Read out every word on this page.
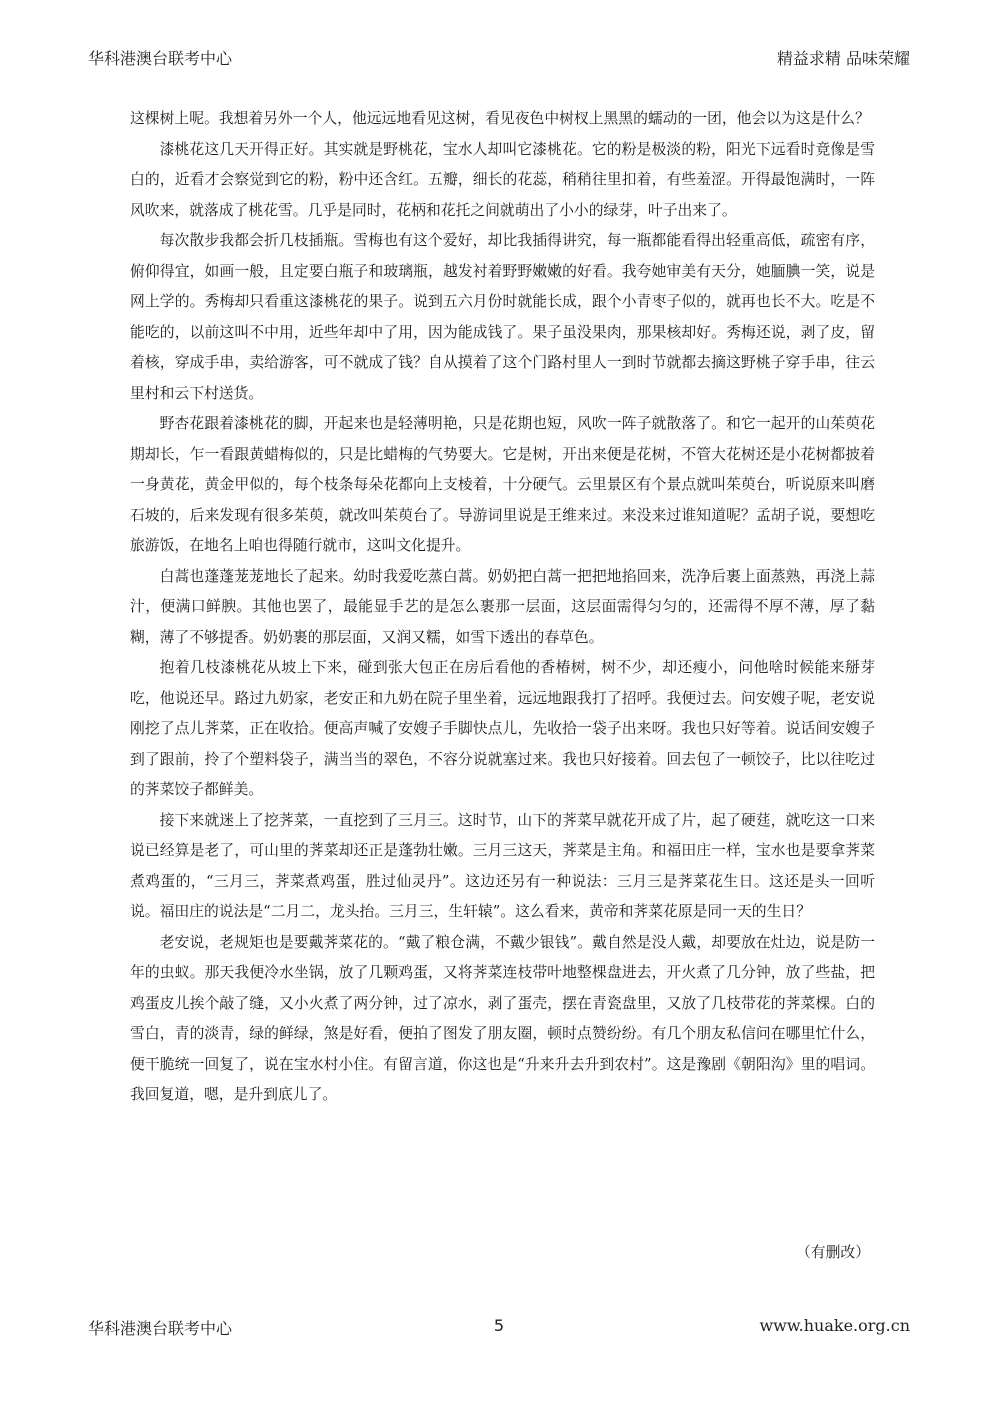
华科港澳台联考中心	精益求精 品味荣耀

这棵树上呢。我想着另外一个人，他远远地看见这树，看见夜色中树杈上黑黑的蠕动的一团，他会以为这是什么？

漆桃花这几天开得正好。其实就是野桃花，宝水人却叫它漆桃花。它的粉是极淡的粉，阳光下远看时竟像是雪白的，近看才会察觉到它的粉，粉中还含红。五瓣，细长的花蕊，稍稍往里扣着，有些羞涩。开得最饱满时，一阵风吹来，就落成了桃花雪。几乎是同时，花柄和花托之间就萌出了小小的绿芽，叶子出来了。

每次散步我都会折几枝插瓶。雪梅也有这个爱好，却比我插得讲究，每一瓶都能看得出轻重高低，疏密有序，俯仰得宜，如画一般，且定要白瓶子和玻璃瓶，越发衬着野野嫩嫩的好看。我夸她审美有天分，她腼腆一笑，说是网上学的。秀梅却只看重这漆桃花的果子。说到五六月份时就能长成，跟个小青枣子似的，就再也长不大。吃是不能吃的，以前这叫不中用，近些年却中了用，因为能成钱了。果子虽没果肉，那果核却好。秀梅还说，剥了皮，留着核，穿成手串，卖给游客，可不就成了钱？自从摸着了这个门路村里人一到时节就都去摘这野桃子穿手串，往云里村和云下村送货。

野杏花跟着漆桃花的脚，开起来也是轻薄明艳，只是花期也短，风吹一阵子就散落了。和它一起开的山茱萸花期却长，乍一看跟黄蜡梅似的，只是比蜡梅的气势要大。它是树，开出来便是花树，不管大花树还是小花树都披着一身黄花，黄金甲似的，每个枝条每朵花都向上支棱着，十分硬气。云里景区有个景点就叫茱萸台，听说原来叫磨石坡的，后来发现有很多茱萸，就改叫茱萸台了。导游词里说是王维来过。来没来过谁知道呢？孟胡子说，要想吃旅游饭，在地名上咱也得随行就市，这叫文化提升。

白蒿也蓬蓬茏茏地长了起来。幼时我爱吃蒸白蒿。奶奶把白蒿一把把地掐回来，洗净后裹上面蒸熟，再浇上蒜汁，便满口鲜腴。其他也罢了，最能显手艺的是怎么裹那一层面，这层面需得匀匀的，还需得不厚不薄，厚了黏糊，薄了不够提香。奶奶裹的那层面，又润又糯，如雪下透出的春草色。

抱着几枝漆桃花从坡上下来，碰到张大包正在房后看他的香椿树，树不少，却还瘦小，问他啥时候能来掰芽吃，他说还早。路过九奶家，老安正和九奶在院子里坐着，远远地跟我打了招呼。我便过去。问安嫂子呢，老安说刚挖了点儿荠菜，正在收拾。便高声喊了安嫂子手脚快点儿，先收拾一袋子出来呀。我也只好等着。说话间安嫂子到了跟前，拎了个塑料袋子，满当当的翠色，不容分说就塞过来。我也只好接着。回去包了一顿饺子，比以往吃过的荠菜饺子都鲜美。

接下来就迷上了挖荠菜，一直挖到了三月三。这时节，山下的荠菜早就花开成了片，起了硬莛，就吃这一口来说已经算是老了，可山里的荠菜却还正是蓬勃壮嫩。三月三这天，荠菜是主角。和福田庄一样，宝水也是要拿荠菜煮鸡蛋的，“三月三，荠菜煮鸡蛋，胜过仙灵丹”。这边还另有一种说法：三月三是荠菜花生日。这还是头一回听说。福田庄的说法是“二月二，龙头抬。三月三，生轩辕”。这么看来，黄帝和荠菜花原是同一天的生日？

老安说，老规矩也是要戴荠菜花的。“戴了粮仓满，不戴少银钱”。戴自然是没人戴，却要放在灶边，说是防一年的虫蚁。那天我便冷水坐锅，放了几颗鸡蛋，又将荠菜连枝带叶地整棵盘进去，开火煮了几分钟，放了些盐，把鸡蛋皮儿挨个敲了缝，又小火煮了两分钟，过了凉水，剥了蛋壳，摆在青瓷盘里，又放了几枝带花的荠菜棵。白的雪白，青的淡青，绿的鲜绿，煞是好看，便拍了图发了朋友圈，顿时点赞纷纷。有几个朋友私信问在哪里忙什么，便干脆统一回复了，说在宝水村小住。有留言道，你这也是“升来升去升到农村”。这是豫剧《朝阳沟》里的唱词。我回复道，嗯，是升到底儿了。

（有删改）
华科港澳台联考中心	5	www.huake.org.cn
